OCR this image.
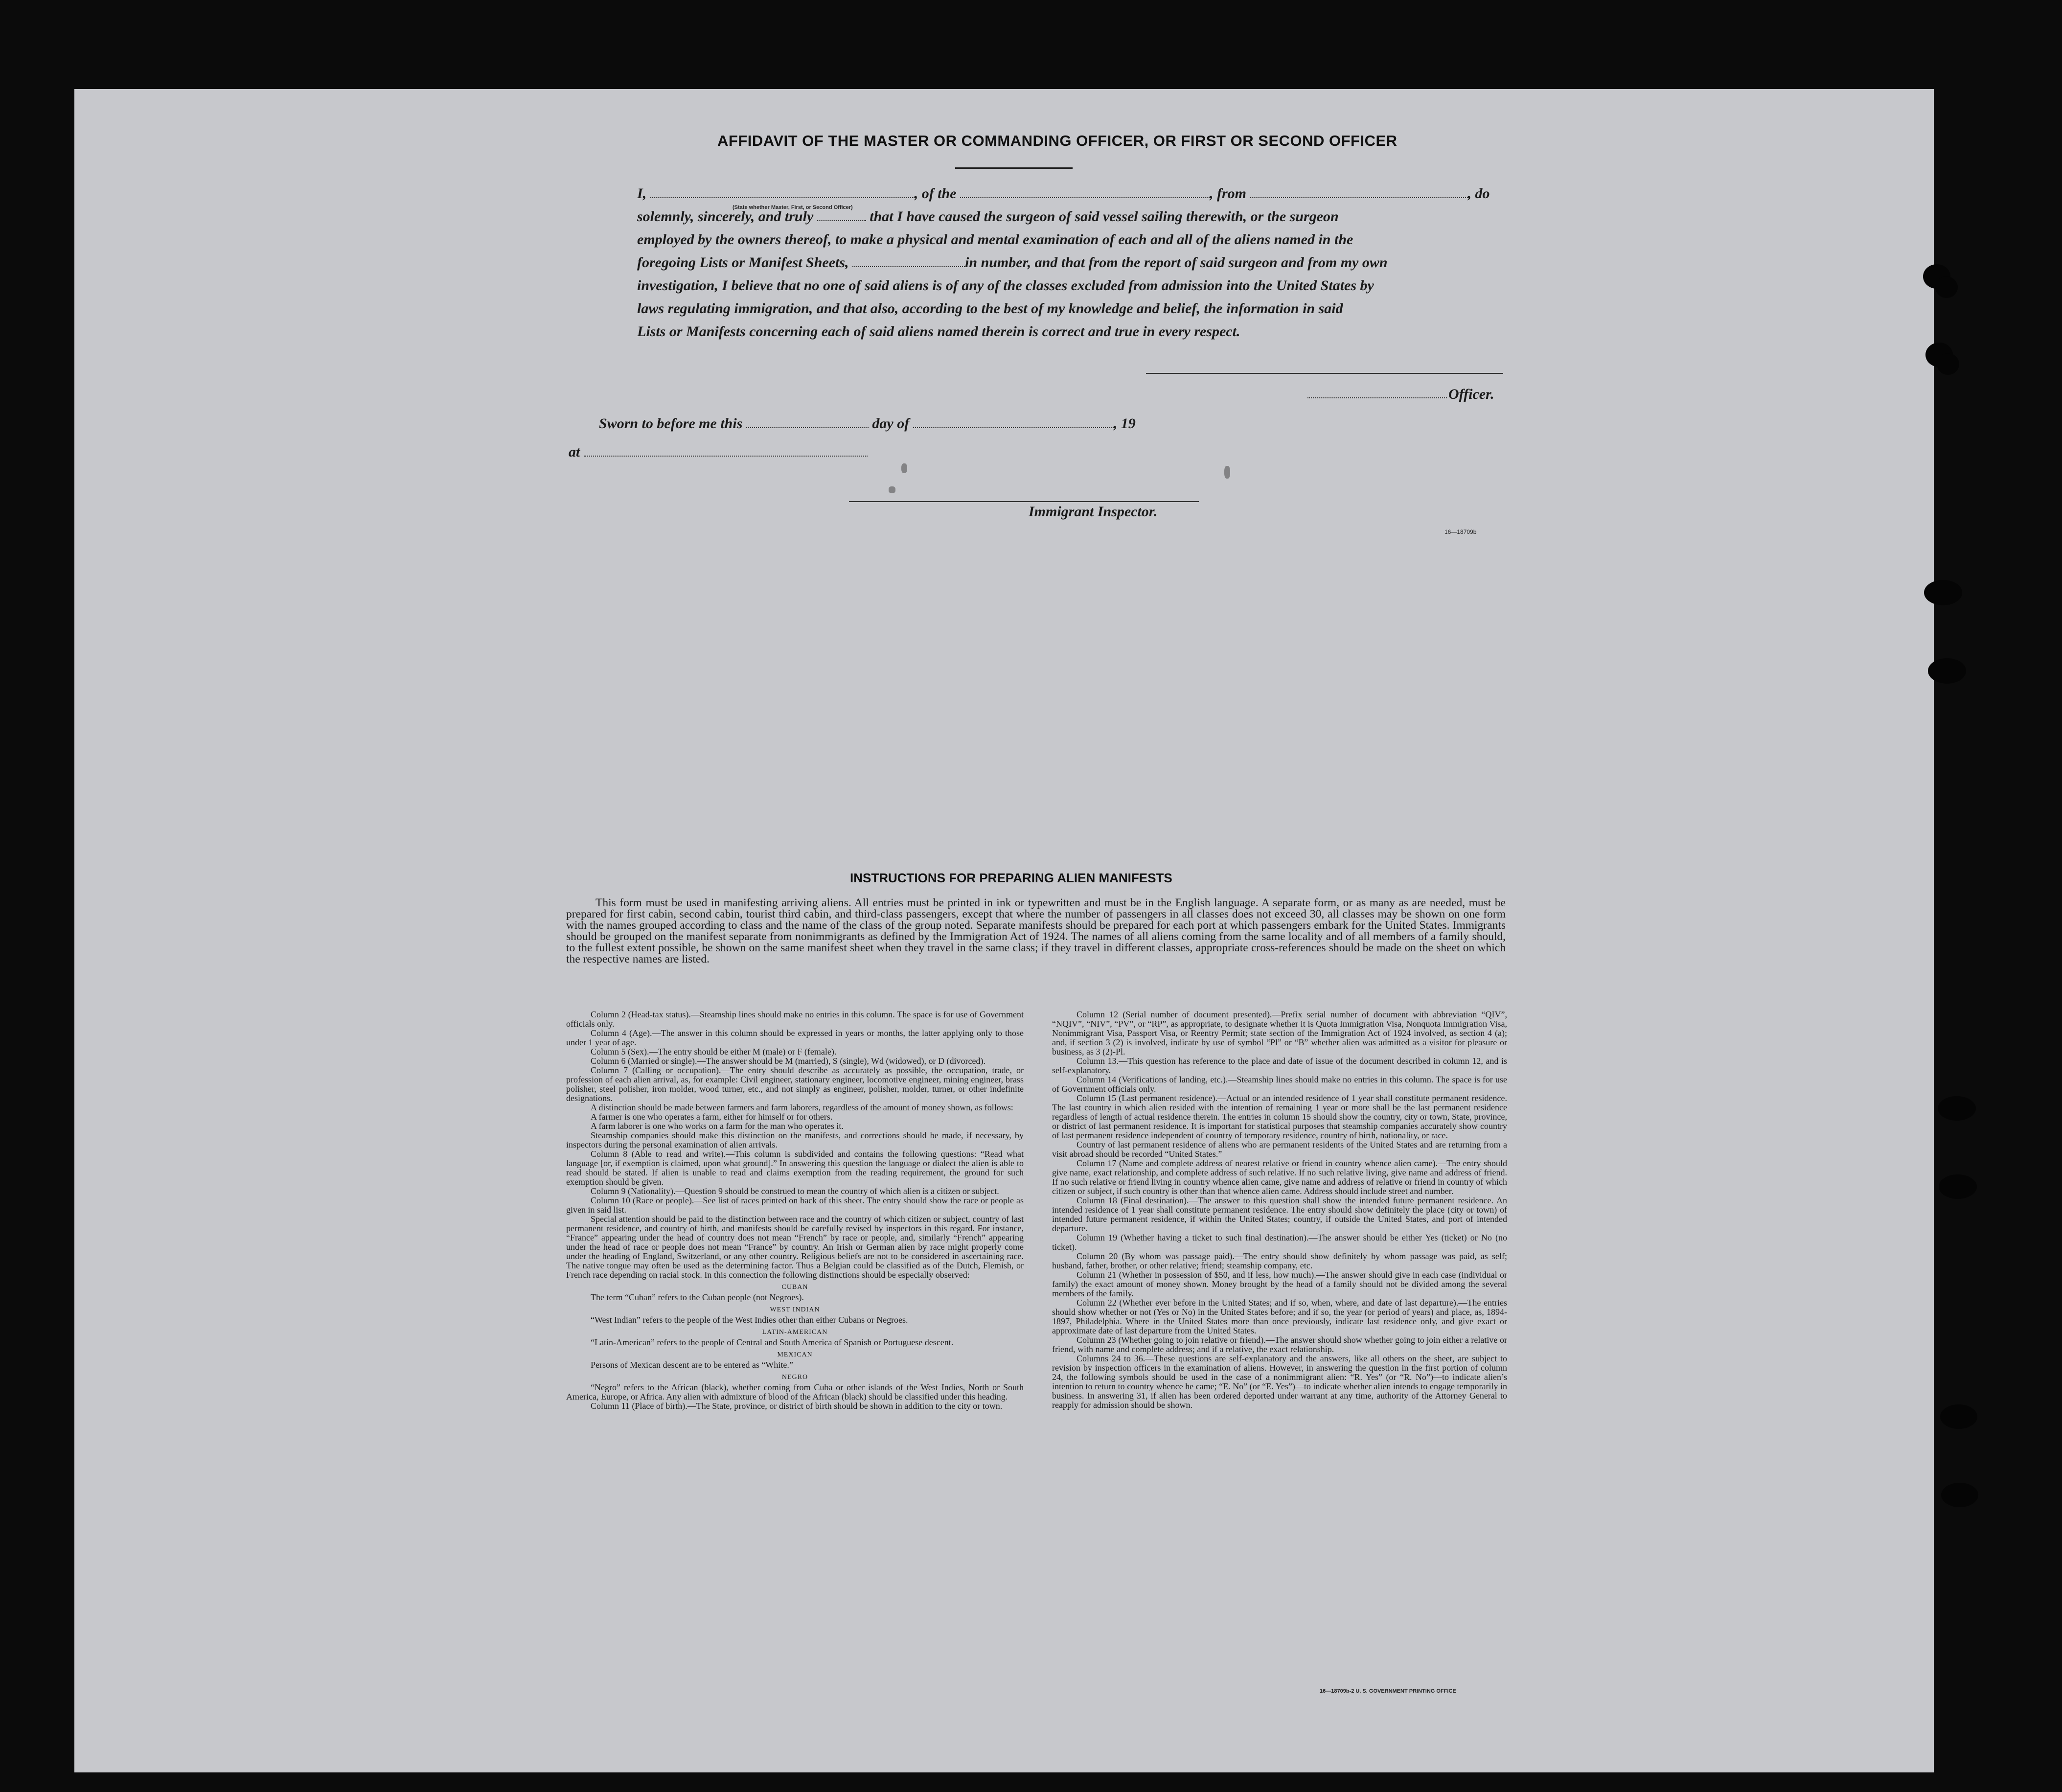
AFFIDAVIT OF THE MASTER OR COMMANDING OFFICER, OR FIRST OR SECOND OFFICER
I,	, of the	, from	, do
(State whether Master, First, or Second Officer)
solemnly, sincerely, and truly	that I have caused the surgeon of said vessel sailing therewith, or the surgeon
employed by the owners thereof, to make a physical and mental examination of each and all of the aliens named in the
foregoing Lists or Manifest Sheets,	in number, and that from the report of said surgeon and from my own
investigation, I believe that no one of said aliens is of any of the classes excluded from admission into the United States by
laws regulating immigration, and that also, according to the best of my knowledge and belief, the information in said
Lists or Manifests concerning each of said aliens named therein is correct and true in every respect.
Officer.
Sworn to before me this	day of	, 19
at
Immigrant Inspector.
16—18709b
INSTRUCTIONS FOR PREPARING ALIEN MANIFESTS
This form must be used in manifesting arriving aliens. All entries must be printed in ink or typewritten and must be in the English language. A separate form, or as many as are needed, must be prepared for first cabin, second cabin, tourist third cabin, and third-class passengers, except that where the number of passengers in all classes does not exceed 30, all classes may be shown on one form with the names grouped according to class and the name of the class of the group noted. Separate manifests should be prepared for each port at which passengers embark for the United States. Immigrants should be grouped on the manifest separate from nonimmigrants as defined by the Immigration Act of 1924. The names of all aliens coming from the same locality and of all members of a family should, to the fullest extent possible, be shown on the same manifest sheet when they travel in the same class; if they travel in different classes, appropriate cross-references should be made on the sheet on which the respective names are listed.

Column 2 (Head-tax status).—Steamship lines should make no entries in this column. The space is for use of Government officials only.

Column 4 (Age).—The answer in this column should be expressed in years or months, the latter applying only to those under 1 year of age.

Column 5 (Sex).—The entry should be either M (male) or F (female).

Column 6 (Married or single).—The answer should be M (married), S (single), Wd (widowed), or D (divorced).

Column 7 (Calling or occupation).—The entry should describe as accurately as possible, the occupation, trade, or profession of each alien arrival, as, for example: Civil engineer, stationary engineer, locomotive engineer, mining engineer, brass polisher, steel polisher, iron molder, wood turner, etc., and not simply as engineer, polisher, molder, turner, or other indefinite designations.

A distinction should be made between farmers and farm laborers, regardless of the amount of money shown, as follows:

A farmer is one who operates a farm, either for himself or for others.

A farm laborer is one who works on a farm for the man who operates it.

Steamship companies should make this distinction on the manifests, and corrections should be made, if necessary, by inspectors during the personal examination of alien arrivals.

Column 8 (Able to read and write).—This column is subdivided and contains the following questions: “Read what language [or, if exemption is claimed, upon what ground].” In answering this question the language or dialect the alien is able to read should be stated. If alien is unable to read and claims exemption from the reading requirement, the ground for such exemption should be given.

Column 9 (Nationality).—Question 9 should be construed to mean the country of which alien is a citizen or subject.

Column 10 (Race or people).—See list of races printed on back of this sheet. The entry should show the race or people as given in said list.

Special attention should be paid to the distinction between race and the country of which citizen or subject, country of last permanent residence, and country of birth, and manifests should be carefully revised by inspectors in this regard. For instance, “France” appearing under the head of country does not mean “French” by race or people, and, similarly “French” appearing under the head of race or people does not mean “France” by country. An Irish or German alien by race might properly come under the heading of England, Switzerland, or any other country. Religious beliefs are not to be considered in ascertaining race. The native tongue may often be used as the determining factor. Thus a Belgian could be classified as of the Dutch, Flemish, or French race depending on racial stock. In this connection the following distinctions should be especially observed:

CUBAN

The term “Cuban” refers to the Cuban people (not Negroes).

WEST INDIAN

“West Indian” refers to the people of the West Indies other than either Cubans or Negroes.

LATIN-AMERICAN

“Latin-American” refers to the people of Central and South America of Spanish or Portuguese descent.

MEXICAN

Persons of Mexican descent are to be entered as “White.”

NEGRO

“Negro” refers to the African (black), whether coming from Cuba or other islands of the West Indies, North or South America, Europe, or Africa. Any alien with admixture of blood of the African (black) should be classified under this heading.

Column 11 (Place of birth).—The State, province, or district of birth should be shown in addition to the city or town.

Column 12 (Serial number of document presented).—Prefix serial number of document with abbreviation “QIV”, “NQIV”, “NIV”, “PV”, or “RP”, as appropriate, to designate whether it is Quota Immigration Visa, Nonquota Immigration Visa, Nonimmigrant Visa, Passport Visa, or Reentry Permit; state section of the Immigration Act of 1924 involved, as section 4 (a); and, if section 3 (2) is involved, indicate by use of symbol “Pl” or “B” whether alien was admitted as a visitor for pleasure or business, as 3 (2)-Pl.

Column 13.—This question has reference to the place and date of issue of the document described in column 12, and is self-explanatory.

Column 14 (Verifications of landing, etc.).—Steamship lines should make no entries in this column. The space is for use of Government officials only.

Column 15 (Last permanent residence).—Actual or an intended residence of 1 year shall constitute permanent residence. The last country in which alien resided with the intention of remaining 1 year or more shall be the last permanent residence regardless of length of actual residence therein. The entries in column 15 should show the country, city or town, State, province, or district of last permanent residence. It is important for statistical purposes that steamship companies accurately show country of last permanent residence independent of country of temporary residence, country of birth, nationality, or race.

Country of last permanent residence of aliens who are permanent residents of the United States and are returning from a visit abroad should be recorded “United States.”

Column 17 (Name and complete address of nearest relative or friend in country whence alien came).—The entry should give name, exact relationship, and complete address of such relative. If no such relative living, give name and address of friend. If no such relative or friend living in country whence alien came, give name and address of relative or friend in country of which citizen or subject, if such country is other than that whence alien came. Address should include street and number.

Column 18 (Final destination).—The answer to this question shall show the intended future permanent residence. An intended residence of 1 year shall constitute permanent residence. The entry should show definitely the place (city or town) of intended future permanent residence, if within the United States; country, if outside the United States, and port of intended departure.

Column 19 (Whether having a ticket to such final destination).—The answer should be either Yes (ticket) or No (no ticket).

Column 20 (By whom was passage paid).—The entry should show definitely by whom passage was paid, as self; husband, father, brother, or other relative; friend; steamship company, etc.

Column 21 (Whether in possession of $50, and if less, how much).—The answer should give in each case (individual or family) the exact amount of money shown. Money brought by the head of a family should not be divided among the several members of the family.

Column 22 (Whether ever before in the United States; and if so, when, where, and date of last departure).—The entries should show whether or not (Yes or No) in the United States before; and if so, the year (or period of years) and place, as, 1894-1897, Philadelphia. Where in the United States more than once previously, indicate last residence only, and give exact or approximate date of last departure from the United States.

Column 23 (Whether going to join relative or friend).—The answer should show whether going to join either a relative or friend, with name and complete address; and if a relative, the exact relationship.

Columns 24 to 36.—These questions are self-explanatory and the answers, like all others on the sheet, are subject to revision by inspection officers in the examination of aliens. However, in answering the question in the first portion of column 24, the following symbols should be used in the case of a nonimmigrant alien: “R. Yes” (or “R. No”)—to indicate alien’s intention to return to country whence he came; “E. No” (or “E. Yes”)—to indicate whether alien intends to engage temporarily in business. In answering 31, if alien has been ordered deported under warrant at any time, authority of the Attorney General to reapply for admission should be shown.

16—18709b-2 U. S. GOVERNMENT PRINTING OFFICE
